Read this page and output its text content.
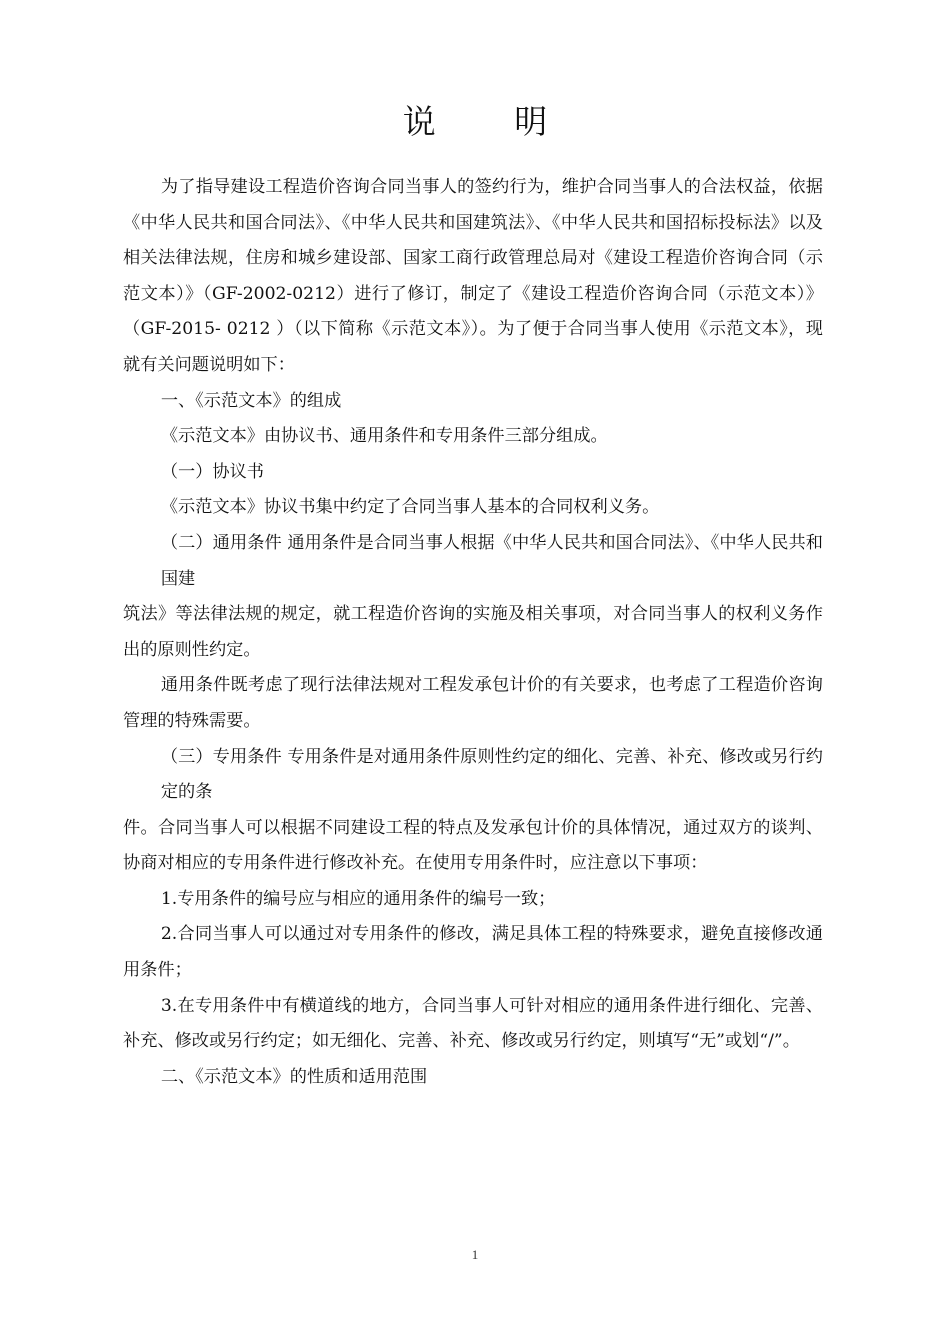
说 明

为了指导建设工程造价咨询合同当事人的签约行为，维护合同当事人的合法权益，依据《中华人民共和国合同法》、《中华人民共和国建筑法》、《中华人民共和国招标投标法》以及相关法律法规，住房和城乡建设部、国家工商行政管理总局对《建设工程造价咨询合同（示范文本）》（GF-2002-0212）进行了修订，制定了《建设工程造价咨询合同（示范文本）》（GF-2015- 0212 ）（以下简称《示范文本》）。为了便于合同当事人使用《示范文本》，现就有关问题说明如下：

一、《示范文本》的组成

《示范文本》由协议书、通用条件和专用条件三部分组成。

（一）协议书

《示范文本》协议书集中约定了合同当事人基本的合同权利义务。

（二）通用条件 通用条件是合同当事人根据《中华人民共和国合同法》、《中华人民共和国建

筑法》等法律法规的规定，就工程造价咨询的实施及相关事项，对合同当事人的权利义务作出的原则性约定。

通用条件既考虑了现行法律法规对工程发承包计价的有关要求，也考虑了工程造价咨询管理的特殊需要。

（三）专用条件 专用条件是对通用条件原则性约定的细化、完善、补充、修改或另行约定的条

件。合同当事人可以根据不同建设工程的特点及发承包计价的具体情况，通过双方的谈判、协商对相应的专用条件进行修改补充。在使用专用条件时，应注意以下事项：

1.专用条件的编号应与相应的通用条件的编号一致；

2.合同当事人可以通过对专用条件的修改，满足具体工程的特殊要求，避免直接修改通用条件；

3.在专用条件中有横道线的地方，合同当事人可针对相应的通用条件进行细化、完善、补充、修改或另行约定；如无细化、完善、补充、修改或另行约定，则填写“无”或划“/”。

二、《示范文本》的性质和适用范围

1
